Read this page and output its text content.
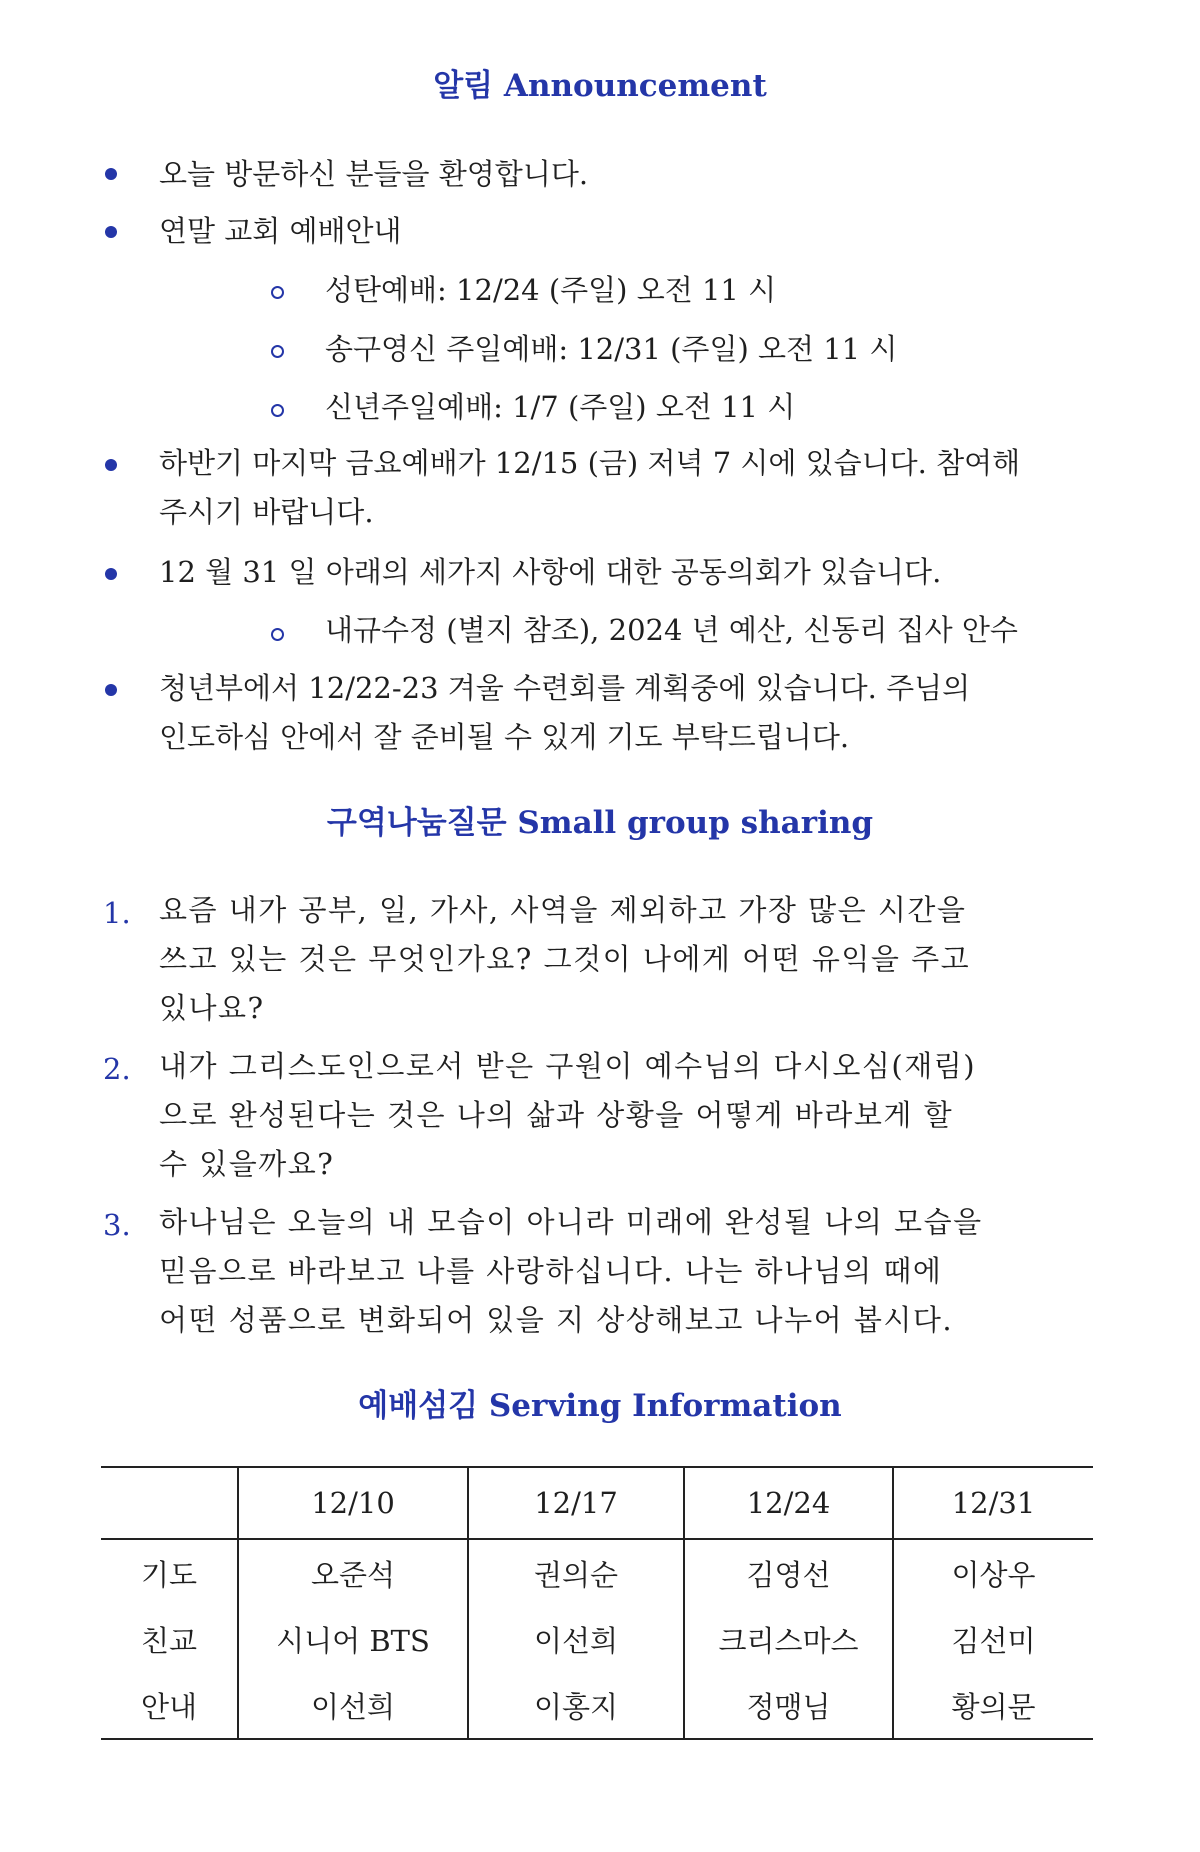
알림 Announcement
오늘 방문하신 분들을 환영합니다.
연말 교회 예배안내
성탄예배: 12/24 (주일) 오전 11 시
송구영신 주일예배: 12/31 (주일) 오전 11 시
신년주일예배: 1/7 (주일) 오전 11 시
하반기 마지막 금요예배가 12/15 (금) 저녁 7 시에 있습니다. 참여해
주시기 바랍니다.
12 월 31 일 아래의 세가지 사항에 대한 공동의회가 있습니다.
내규수정 (별지 참조), 2024 년 예산, 신동리 집사 안수
청년부에서 12/22-23 겨울 수련회를 계획중에 있습니다. 주님의
인도하심 안에서 잘 준비될 수 있게 기도 부탁드립니다.
구역나눔질문 Small group sharing
1. 요즘 내가 공부, 일, 가사, 사역을 제외하고 가장 많은 시간을
쓰고 있는 것은 무엇인가요? 그것이 나에게 어떤 유익을 주고
있나요?
2. 내가 그리스도인으로서 받은 구원이 예수님의 다시오심(재림)
으로 완성된다는 것은 나의 삶과 상황을 어떻게 바라보게 할
수 있을까요?
3. 하나님은 오늘의 내 모습이 아니라 미래에 완성될 나의 모습을
믿음으로 바라보고 나를 사랑하십니다. 나는 하나님의 때에
어떤 성품으로 변화되어 있을 지 상상해보고 나누어 봅시다.
예배섬김 Serving Information
	12/10	12/17	12/24	12/31
기도	오준석	권의순	김영선	이상우
친교	시니어 BTS	이선희	크리스마스	김선미
안내	이선희	이홍지	정맹님	황의문
